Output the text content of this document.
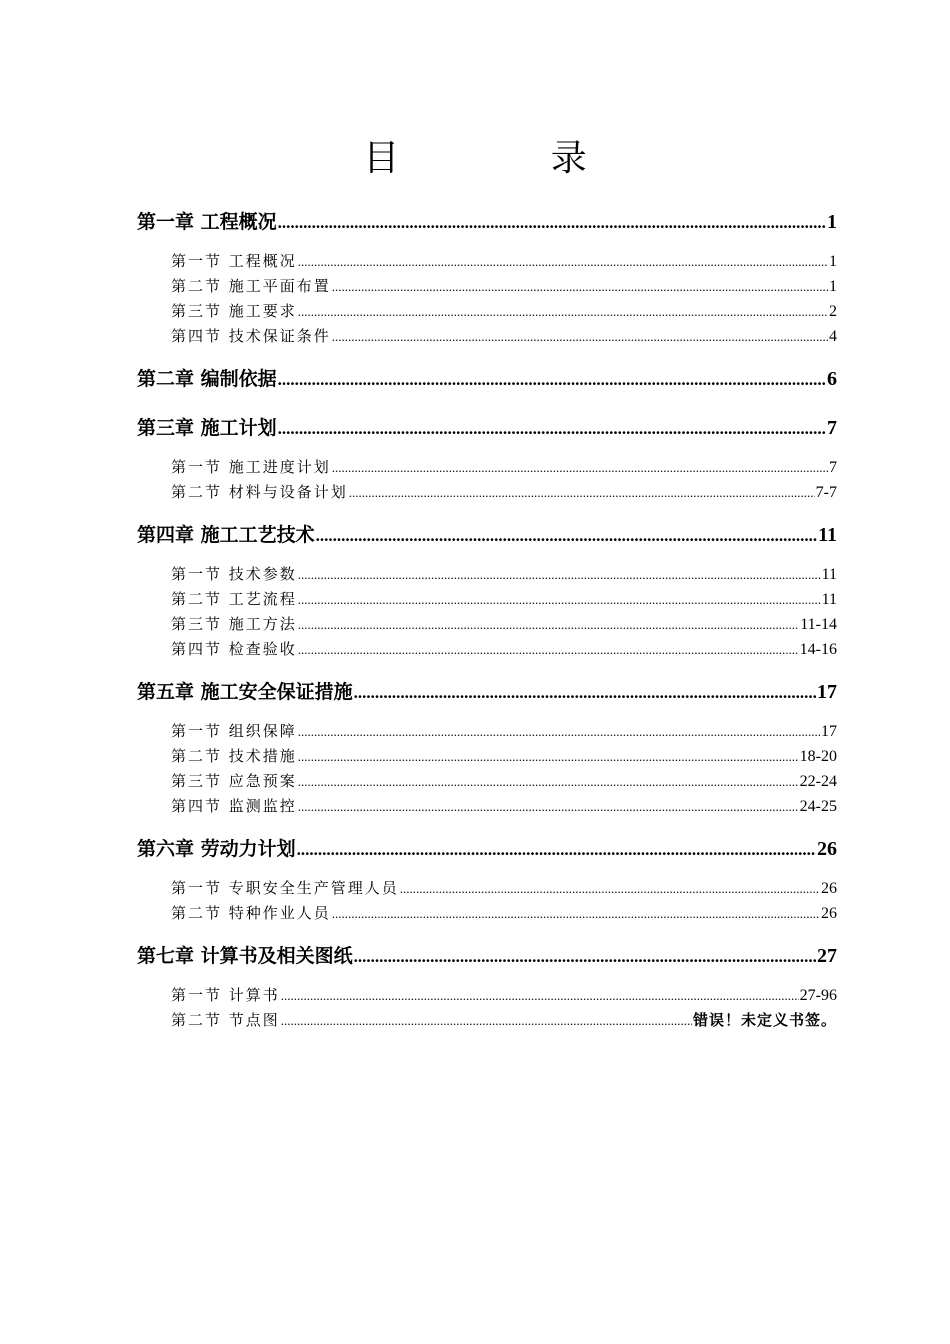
目 录
第一章 工程概况 .....	1
第一节 工程概况 .....	1
第二节 施工平面布置 .....	1
第三节 施工要求 .....	2
第四节 技术保证条件 .....	4
第二章 编制依据 .....	6
第三章 施工计划 .....	7
第一节 施工进度计划 .....	7
第二节 材料与设备计划 .....	7-7
第四章 施工工艺技术 .....	11
第一节 技术参数 .....	11
第二节 工艺流程 .....	11
第三节 施工方法 .....	11-14
第四节 检查验收 .....	14-16
第五章 施工安全保证措施 .....	17
第一节 组织保障 .....	17
第二节 技术措施 .....	18-20
第三节 应急预案 .....	22-24
第四节 监测监控 .....	24-25
第六章 劳动力计划 .....	26
第一节 专职安全生产管理人员 .....	26
第二节 特种作业人员 .....	26
第七章 计算书及相关图纸 .....	27
第一节 计算书 .....	27-96
第二节 节点图 .....	错误！未定义书签。
